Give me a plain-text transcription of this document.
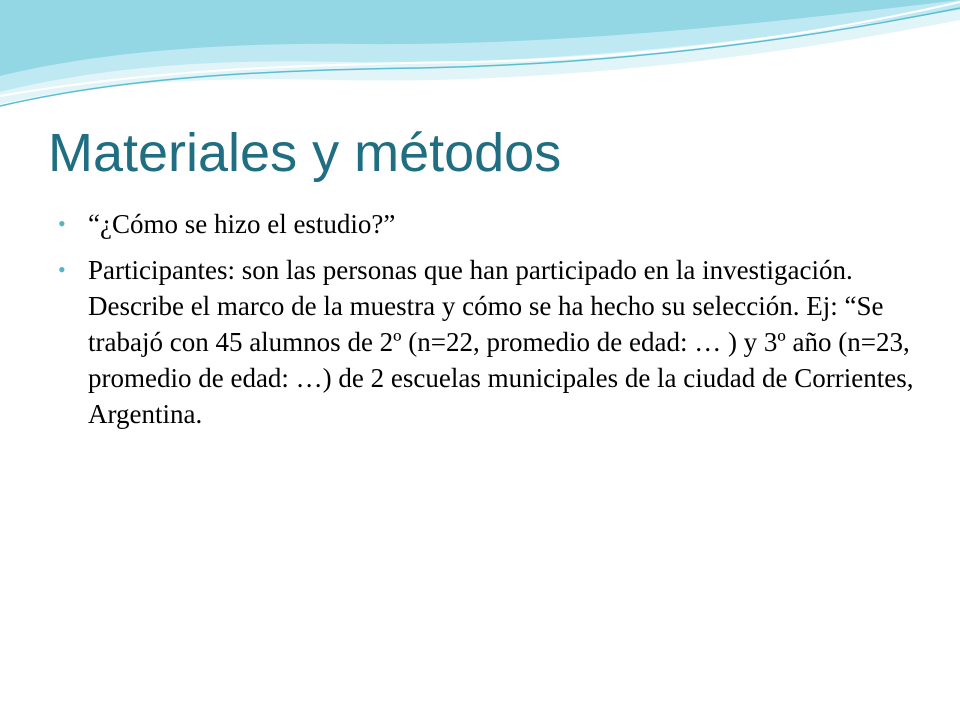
Materiales y métodos
• “¿Cómo se hizo el estudio?”
• Participantes: son las personas que han participado en la investigación. Describe el marco de la muestra y cómo se ha hecho su selección. Ej: “Se trabajó con 45 alumnos de 2º (n=22, promedio de edad: … ) y 3º año (n=23, promedio de edad: …) de 2 escuelas municipales de la ciudad de Corrientes, Argentina.
